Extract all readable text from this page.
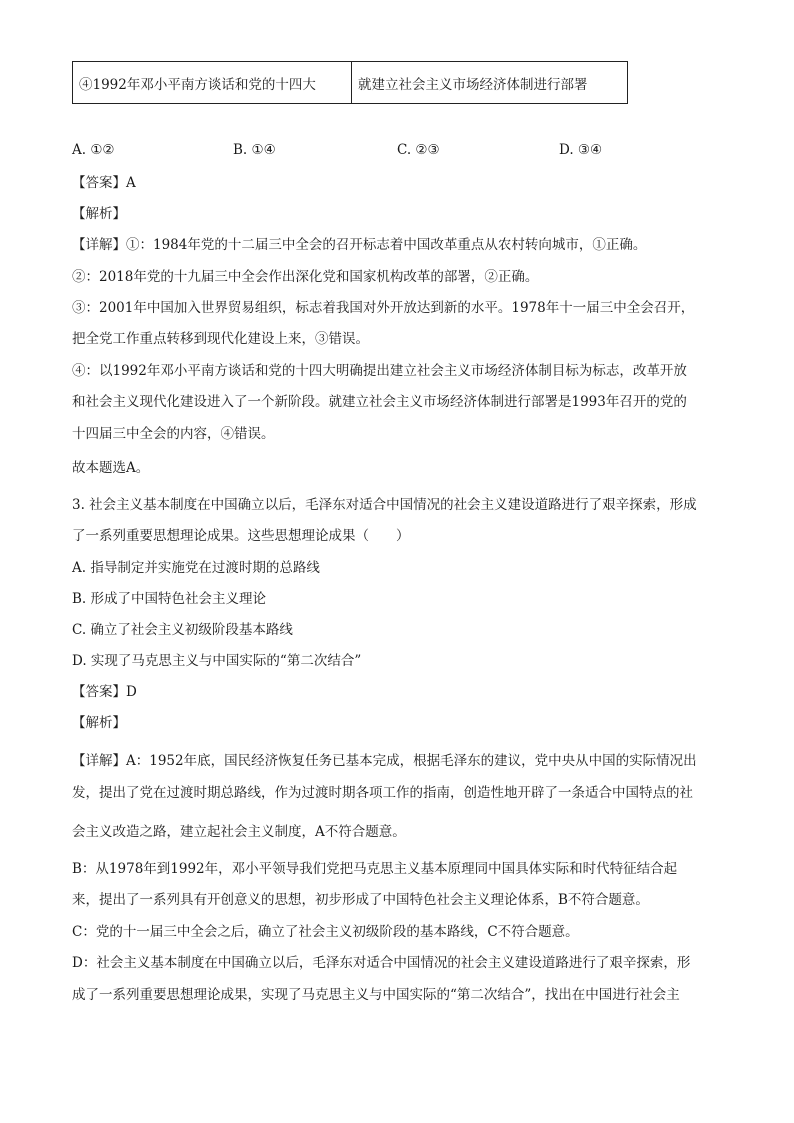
④1992年邓小平南方谈话和党的十四大	就建立社会主义市场经济体制进行部署
A. ①②	B. ①④	C. ②③	D. ③④
【答案】A
【解析】
【详解】①：1984年党的十二届三中全会的召开标志着中国改革重点从农村转向城市，①正确。
②：2018年党的十九届三中全会作出深化党和国家机构改革的部署，②正确。
③：2001年中国加入世界贸易组织，标志着我国对外开放达到新的水平。1978年十一届三中全会召开，
把全党工作重点转移到现代化建设上来，③错误。
④：以1992年邓小平南方谈话和党的十四大明确提出建立社会主义市场经济体制目标为标志，改革开放
和社会主义现代化建设进入了一个新阶段。就建立社会主义市场经济体制进行部署是1993年召开的党的
十四届三中全会的内容，④错误。
故本题选A。
3. 社会主义基本制度在中国确立以后，毛泽东对适合中国情况的社会主义建设道路进行了艰辛探索，形成
了一系列重要思想理论成果。这些思想理论成果（　　）
A. 指导制定并实施党在过渡时期的总路线
B. 形成了中国特色社会主义理论
C. 确立了社会主义初级阶段基本路线
D. 实现了马克思主义与中国实际的“第二次结合”
【答案】D
【解析】
【详解】A：1952年底，国民经济恢复任务已基本完成，根据毛泽东的建议，党中央从中国的实际情况出
发，提出了党在过渡时期总路线，作为过渡时期各项工作的指南，创造性地开辟了一条适合中国特点的社
会主义改造之路，建立起社会主义制度，A不符合题意。
B：从1978年到1992年，邓小平领导我们党把马克思主义基本原理同中国具体实际和时代特征结合起
来，提出了一系列具有开创意义的思想，初步形成了中国特色社会主义理论体系，B不符合题意。
C：党的十一届三中全会之后，确立了社会主义初级阶段的基本路线，C不符合题意。
D：社会主义基本制度在中国确立以后，毛泽东对适合中国情况的社会主义建设道路进行了艰辛探索，形
成了一系列重要思想理论成果，实现了马克思主义与中国实际的“第二次结合”，找出在中国进行社会主
